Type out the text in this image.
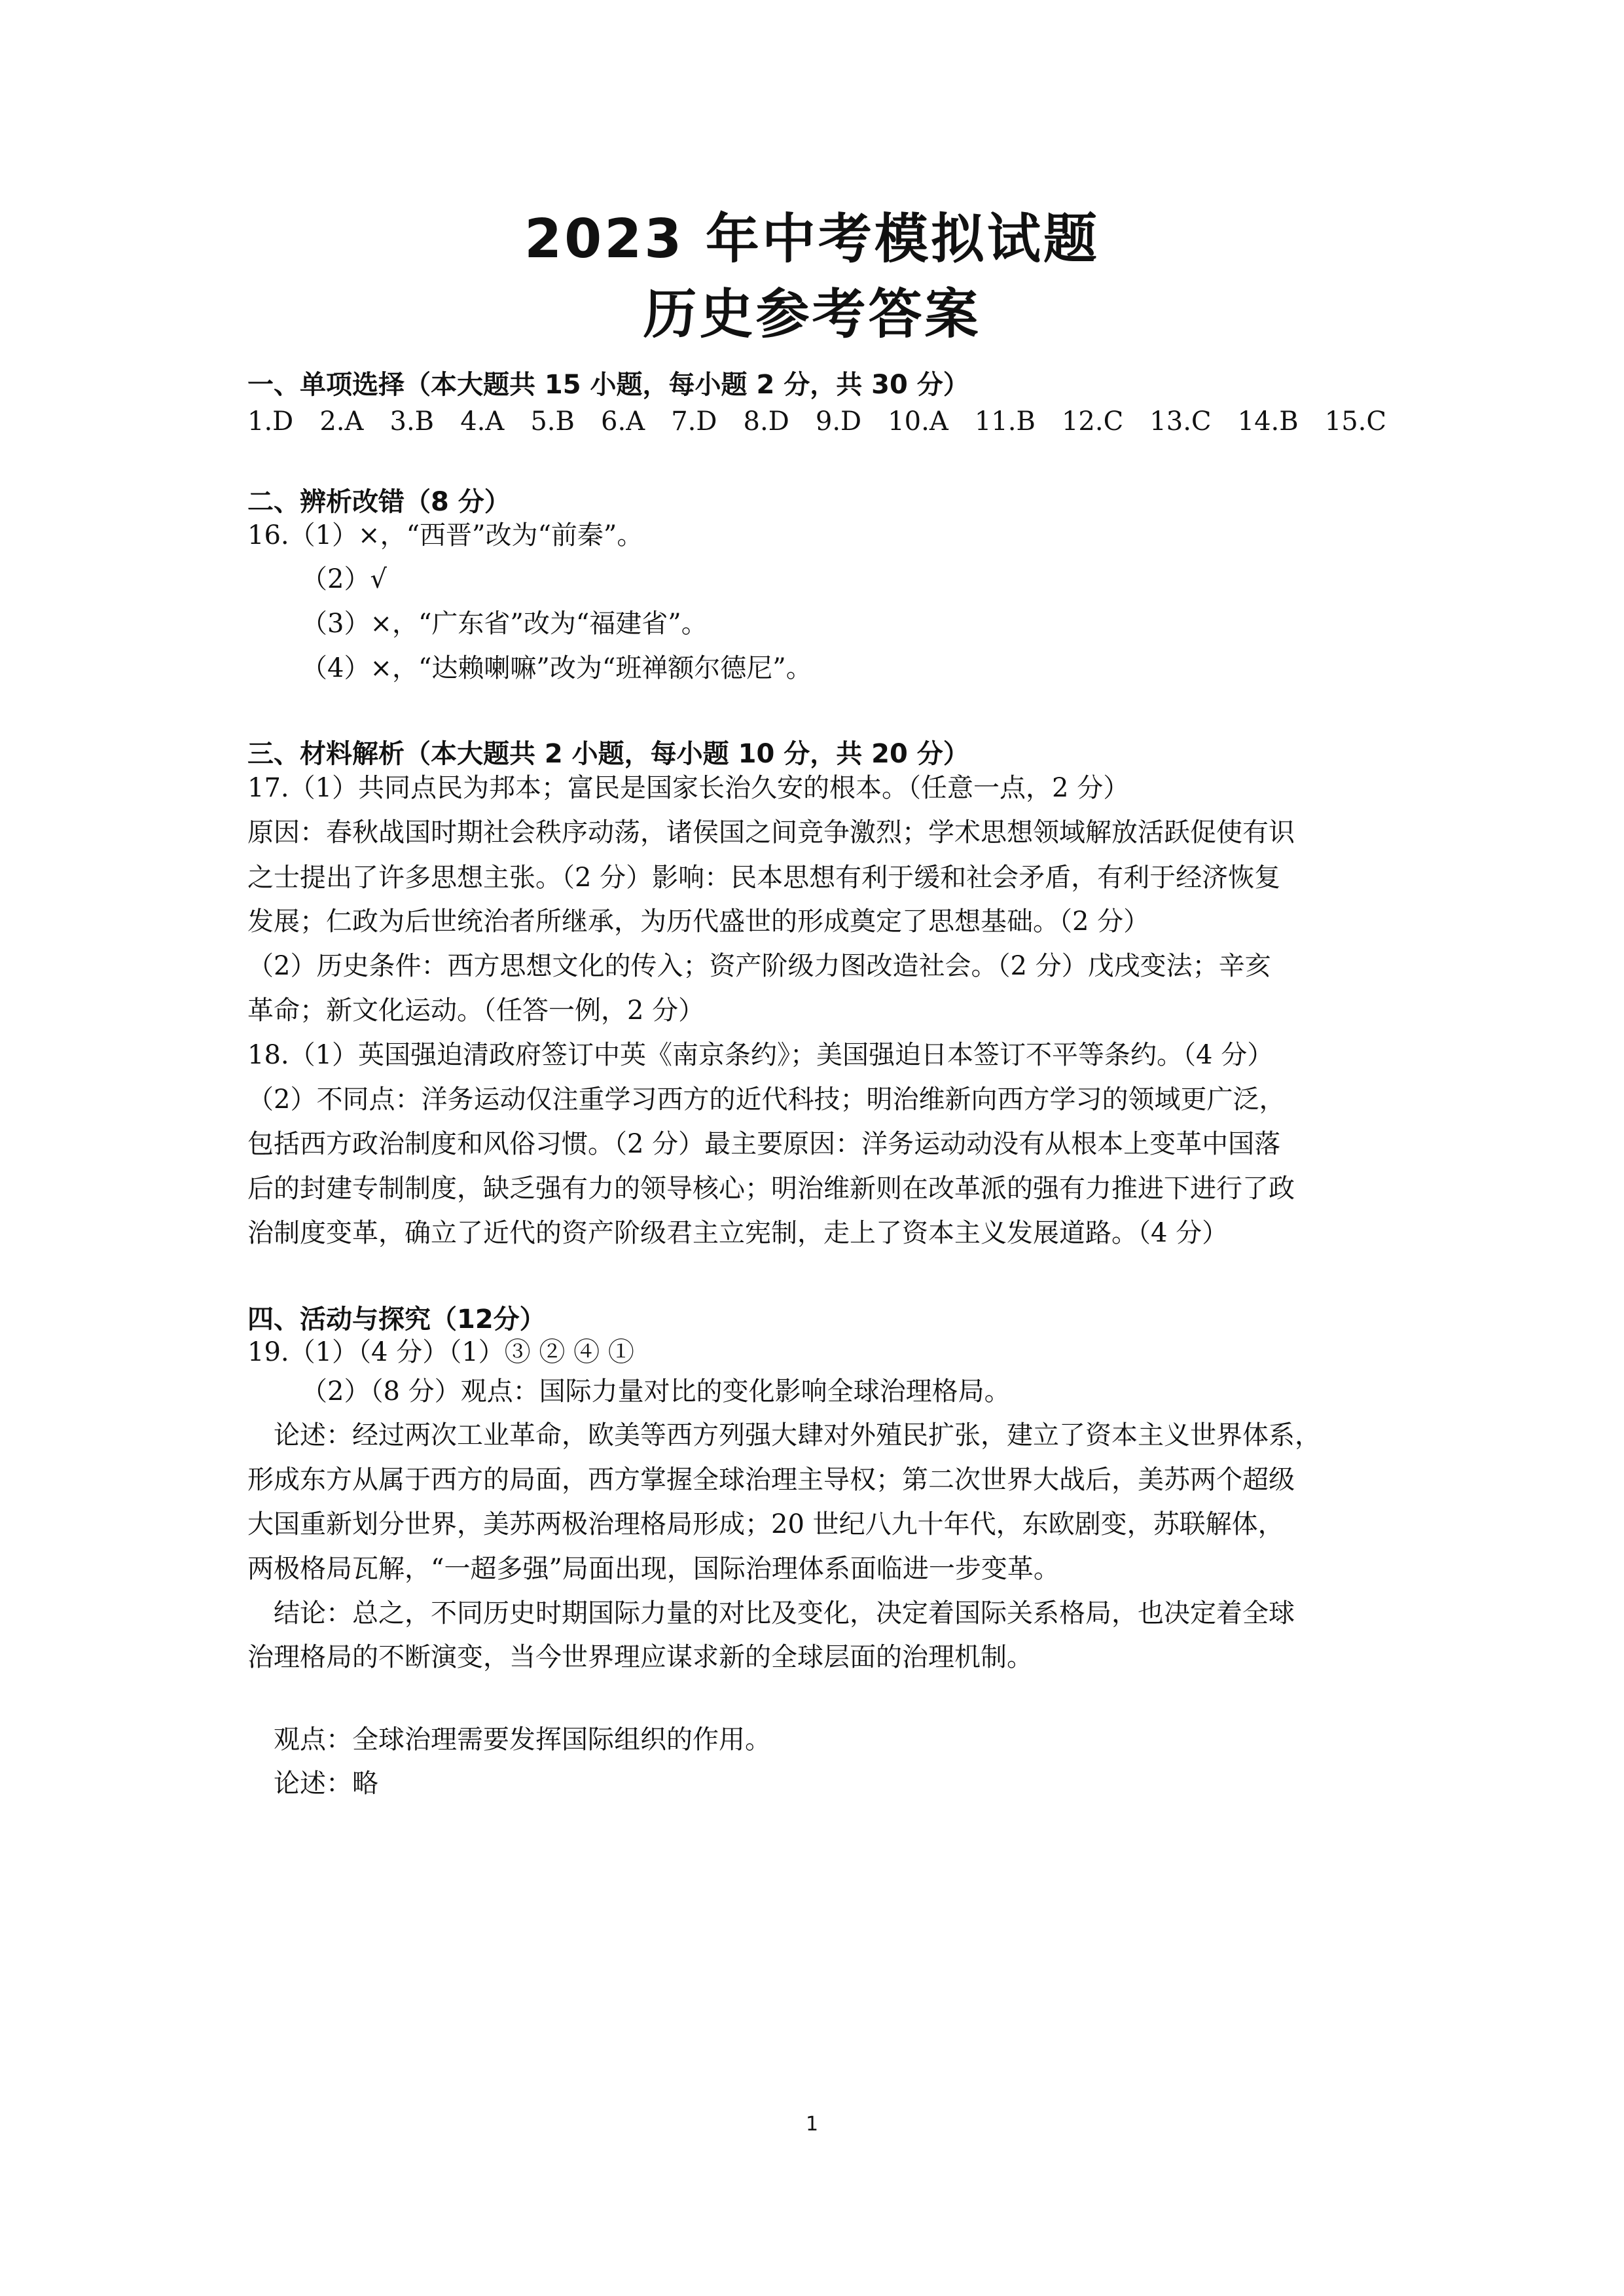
2023 年中考模拟试题
历史参考答案
一、单项选择（本大题共 15 小题，每小题 2 分，共 30 分）
1.D 2.A 3.B 4.A 5.B 6.A 7.D 8.D 9.D 10.A 11.B 12.C 13.C 14.B 15.C
二、辨析改错（8 分）
16.（1）×，“西晋”改为“前秦”。
（2）√
（3）×，“广东省”改为“福建省”。
（4）×，“达赖喇嘛”改为“班禅额尔德尼”。
三、材料解析（本大题共 2 小题，每小题 10 分，共 20 分）
17.（1）共同点民为邦本；富民是国家长治久安的根本。（任意一点，2 分）
原因：春秋战国时期社会秩序动荡，诸侯国之间竞争激烈；学术思想领域解放活跃促使有识
之士提出了许多思想主张。（2 分）影响：民本思想有利于缓和社会矛盾，有利于经济恢复
发展；仁政为后世统治者所继承，为历代盛世的形成奠定了思想基础。（2 分）
（2）历史条件：西方思想文化的传入；资产阶级力图改造社会。（2 分）戊戌变法；辛亥
革命；新文化运动。（任答一例，2 分）
18.（1）英国强迫清政府签订中英《南京条约》；美国强迫日本签订不平等条约。（4 分）
（2）不同点：洋务运动仅注重学习西方的近代科技；明治维新向西方学习的领域更广泛，
包括西方政治制度和风俗习惯。（2 分）最主要原因：洋务运动动没有从根本上变革中国落
后的封建专制制度，缺乏强有力的领导核心；明治维新则在改革派的强有力推进下进行了政
治制度变革，确立了近代的资产阶级君主立宪制，走上了资本主义发展道路。（4 分）
四、活动与探究（12分）
19.（1）（4 分）（1）③ ② ④ ①
（2）（8 分）观点：国际力量对比的变化影响全球治理格局。
论述：经过两次工业革命，欧美等西方列强大肆对外殖民扩张，建立了资本主义世界体系，
形成东方从属于西方的局面，西方掌握全球治理主导权；第二次世界大战后，美苏两个超级
大国重新划分世界，美苏两极治理格局形成；20 世纪八九十年代，东欧剧变，苏联解体，
两极格局瓦解，“一超多强”局面出现，国际治理体系面临进一步变革。
结论：总之，不同历史时期国际力量的对比及变化，决定着国际关系格局，也决定着全球
治理格局的不断演变，当今世界理应谋求新的全球层面的治理机制。
观点：全球治理需要发挥国际组织的作用。
论述：略
1
